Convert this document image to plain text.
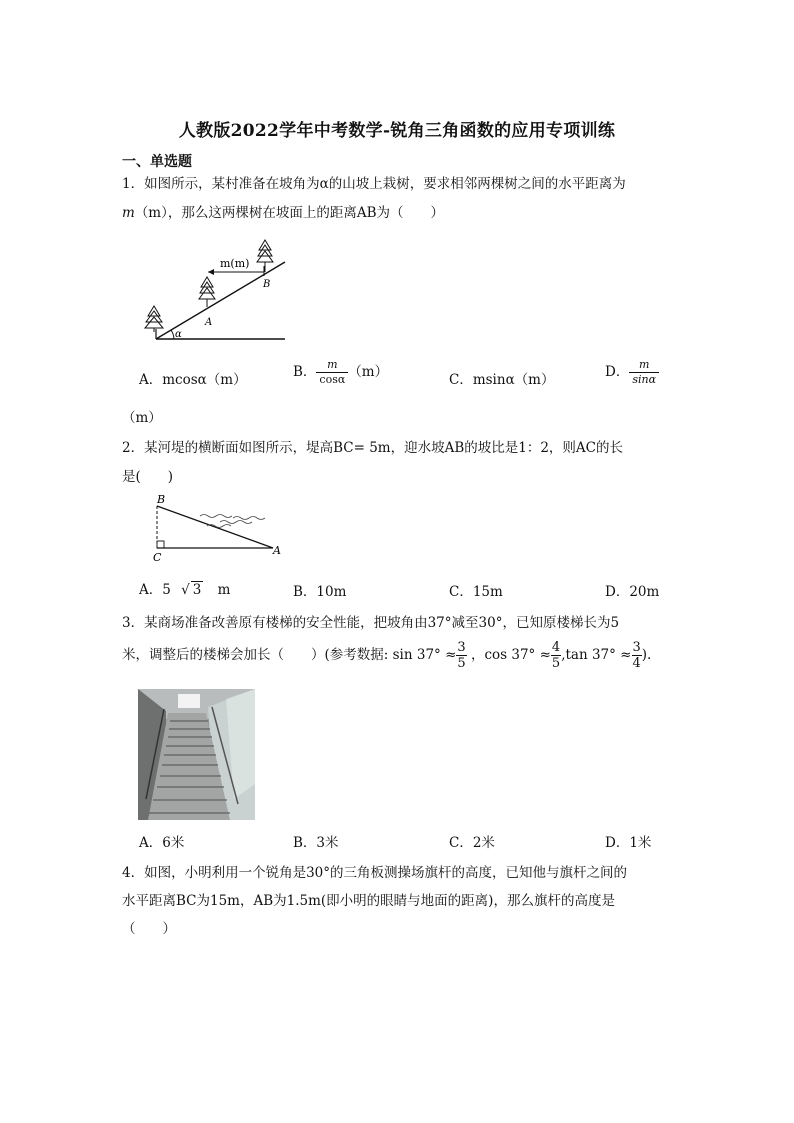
人教版2022学年中考数学-锐角三角函数的应用专项训练
一、单选题
1．如图所示，某村准备在坡角为α的山坡上栽树，要求相邻两棵树之间的水平距离为
m（m），那么这两棵树在坡面上的距离AB为（　　）
α
A
B
m(m)
A．mcosα（m）	B． $\frac{m}{\cos\alpha} (m)$	C．msinα（m）	D． $\frac{m}{\sin\alpha}$
（m）
2．某河堤的横断面如图所示，堤高BC= 5m，迎水坡AB的坡比是1：2，则AC的长
是(　　)
B
C
A
A．5 √ 3 m	B．10m	C．15m	D．20m
3．某商场准备改善原有楼梯的安全性能，把坡角由37°减至30°，已知原楼梯长为5
米，调整后的楼梯会加长（　　）(参考数据: $\sin 37^\circ \approx \frac{3}{5}$ ，$\cos 37^\circ \approx \frac{4}{5} ,\tan$ $37^\circ \approx \frac{3}{4}$ ).
A．6米	B．3米	C．2米	D．1米
4．如图，小明利用一个锐角是30°的三角板测操场旗杆的高度，已知他与旗杆之间的
水平距离BC为15m，AB为1.5m(即小明的眼睛与地面的距离)，那么旗杆的高度是
（　　）
